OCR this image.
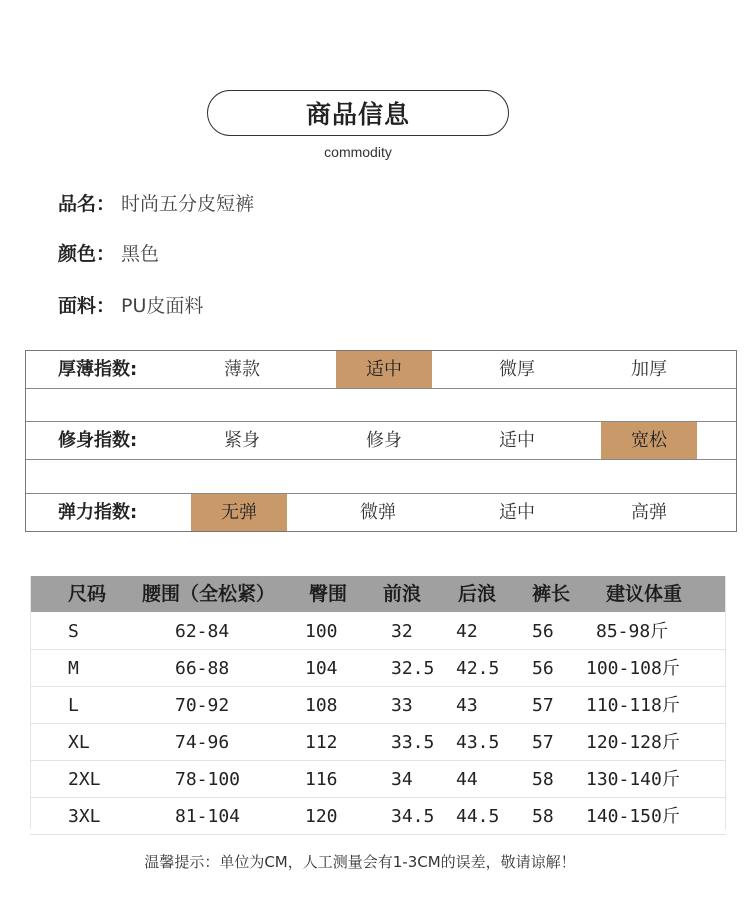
商品信息
commodity
品名： 时尚五分皮短裤
颜色： 黑色
面料： PU皮面料
厚薄指数:	薄款	适中	微厚	加厚
修身指数:	紧身	修身	适中	宽松
弹力指数:	无弹	微弹	适中	高弹
尺码 腰围（全松紧） 臀围 前浪 后浪 裤长 建议体重
S	62-84	100	32 42	56 85-98斤
M	66-88	104	32.5 42.5 56 100-108斤
L	70-92	108	33 43	57 110-118斤
XL	74-96	112	33.5 43.5 57 120-128斤
2XL	78-100	116	34 44	58 130-140斤
3XL	81-104	120	34.5 44.5 58 140-150斤
温馨提示：单位为CM，人工测量会有1-3CM的误差，敬请谅解！
